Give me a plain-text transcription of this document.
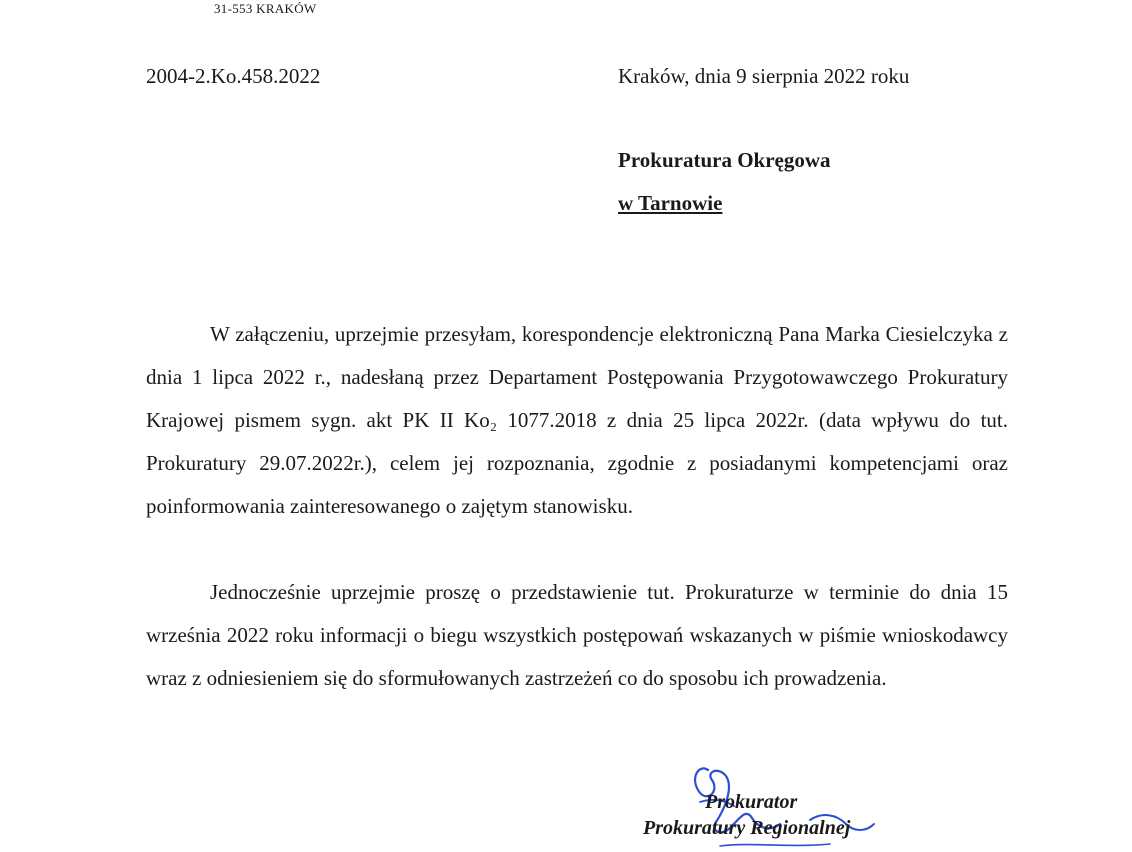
31-553 KRAKÓW
2004-2.Ko.458.2022	Kraków, dnia 9 sierpnia 2022 roku
Prokuratura Okręgowa
w Tarnowie

W załączeniu, uprzejmie przesyłam, korespondencje elektroniczną Pana Marka Ciesielczyka z dnia 1 lipca 2022 r., nadesłaną przez Departament Postępowania Przygotowawczego Prokuratury Krajowej pismem sygn. akt PK II Ko₂ 1077.2018 z dnia 25 lipca 2022r. (data wpływu do tut. Prokuratury 29.07.2022r.), celem jej rozpoznania, zgodnie z posiadanymi kompetencjami oraz poinformowania zainteresowanego o zajętym stanowisku.

Jednocześnie uprzejmie proszę o przedstawienie tut. Prokuraturze w terminie do dnia 15 września 2022 roku informacji o biegu wszystkich postępowań wskazanych w piśmie wnioskodawcy wraz z odniesieniem się do sformułowanych zastrzeżeń co do sposobu ich prowadzenia.

Prokurator
Prokuratury Regionalnej
